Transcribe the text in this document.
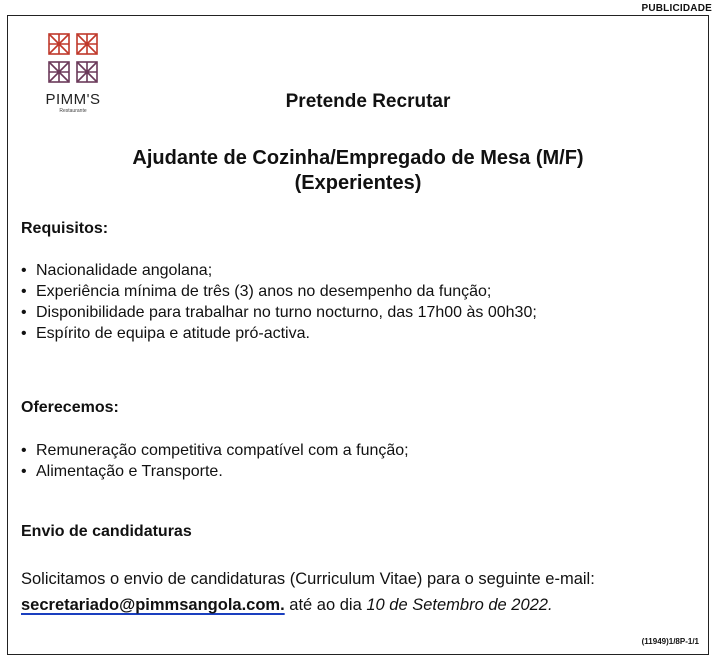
PUBLICIDADE
PIMM'S
Restaurante	Pretende Recrutar
Ajudante de Cozinha/Empregado de Mesa (M/F)
(Experientes)
Requisitos:
• Nacionalidade angolana;
• Experiência mínima de três (3) anos no desempenho da função;
• Disponibilidade para trabalhar no turno nocturno, das 17h00 às 00h30;
• Espírito de equipa e atitude pró-activa.
Oferecemos:
• Remuneração competitiva compatível com a função;
• Alimentação e Transporte.
Envio de candidaturas
Solicitamos o envio de candidaturas (Curriculum Vitae) para o seguinte e-mail:
secretariado@pimmsangola.com. até ao dia 10 de Setembro de 2022.
(11949)1/8P-1/1
